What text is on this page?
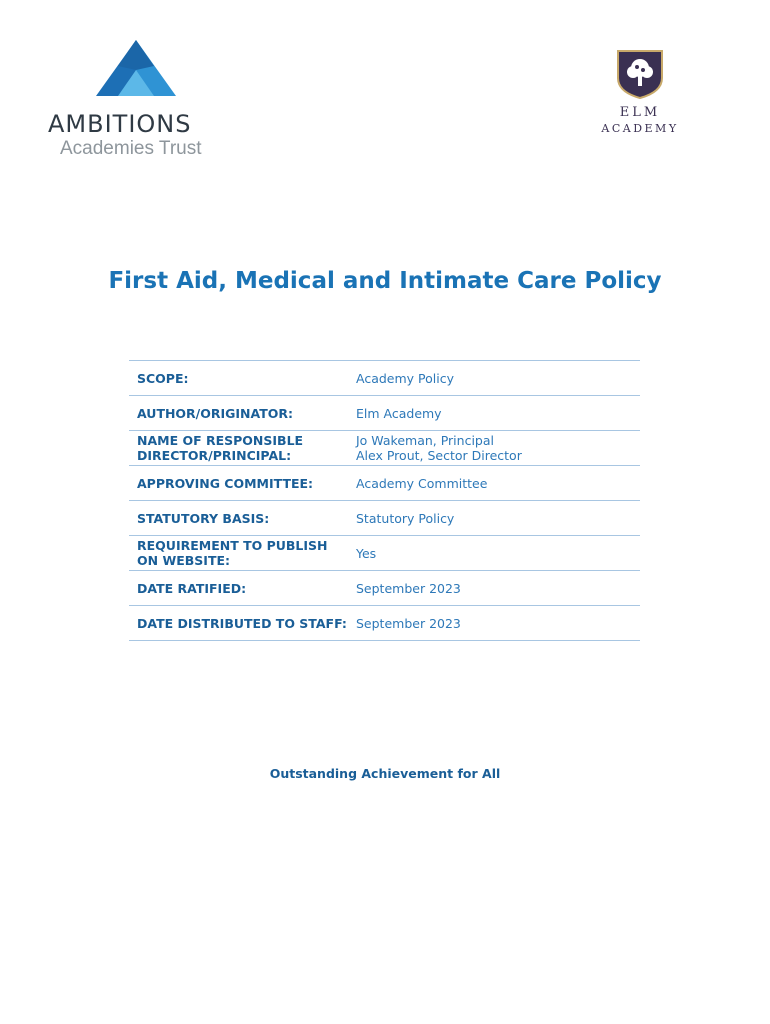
AMBITIONS
Academies Trust
ELM
ACADEMY
First Aid, Medical and Intimate Care Policy
SCOPE:	Academy Policy
AUTHOR/ORIGINATOR:	Elm Academy
NAME OF RESPONSIBLE DIRECTOR/PRINCIPAL:	Jo Wakeman, Principal
Alex Prout, Sector Director
APPROVING COMMITTEE:	Academy Committee
STATUTORY BASIS:	Statutory Policy
REQUIREMENT TO PUBLISH ON WEBSITE:	Yes
DATE RATIFIED:	September 2023
DATE DISTRIBUTED TO STAFF:	September 2023
Outstanding Achievement for All
